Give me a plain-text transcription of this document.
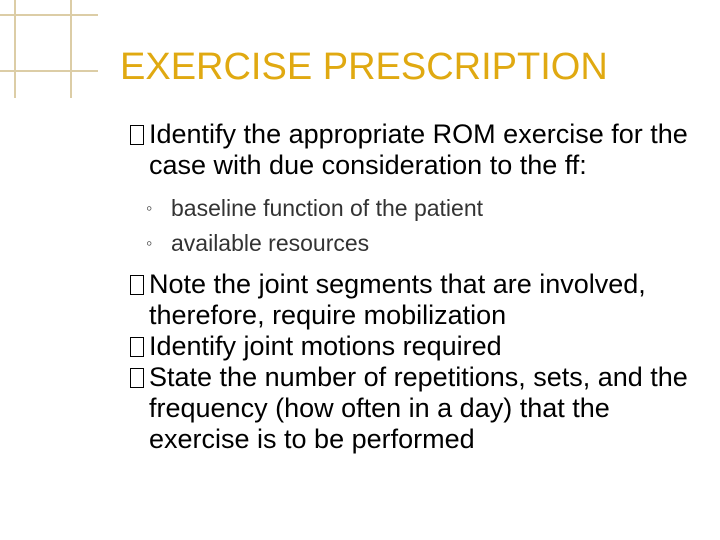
EXERCISE PRESCRIPTION
Identify the appropriate ROM exercise for the case with due consideration to the ff:
◦ baseline function of the patient
◦ available resources
Note the joint segments that are involved, therefore, require mobilization
Identify joint motions required
State the number of repetitions, sets, and the frequency (how often in a day) that the exercise is to be performed
